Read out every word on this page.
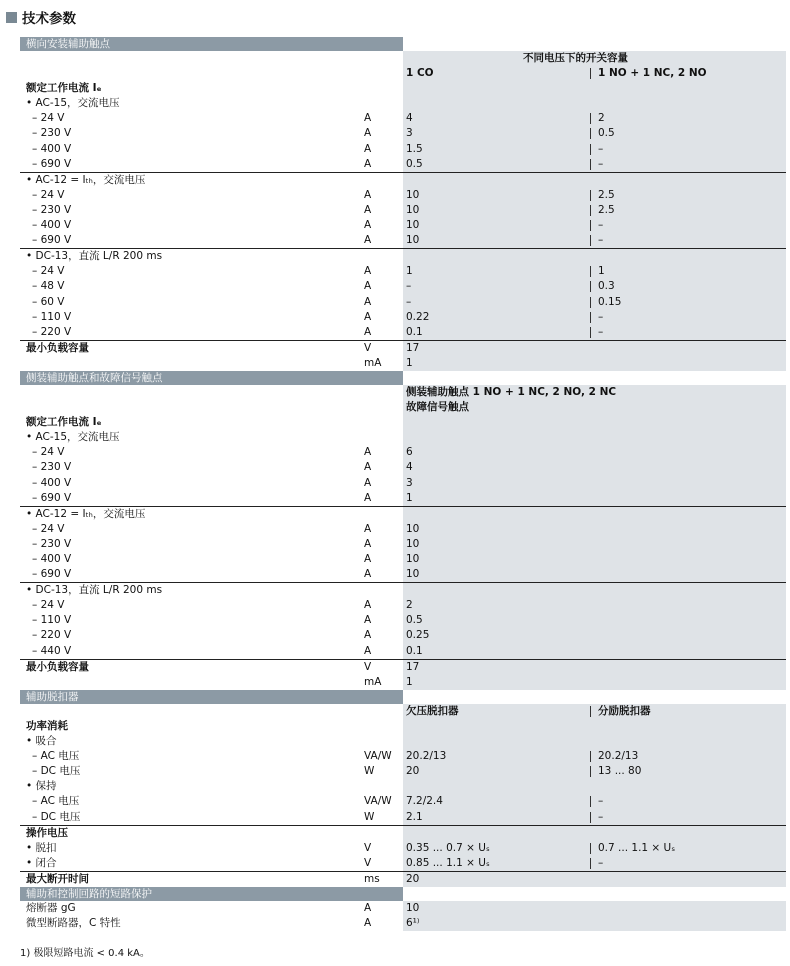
技术参数
横向安装辅助触点
不同电压下的开关容量
1 CO	1 NO + 1 NC, 2 NO
额定工作电流 Iₑ
• AC-15，交流电压
– 24 V	A	4	2
– 230 V	A	3	0.5
– 400 V	A	1.5	–
– 690 V	A	0.5	–
• AC-12 = Iₜₕ，交流电压
– 24 V	A	10	2.5
– 230 V	A	10	2.5
– 400 V	A	10	–
– 690 V	A	10	–
• DC-13，直流 L/R 200 ms
– 24 V	A	1	1
– 48 V	A	–	0.3
– 60 V	A	–	0.15
– 110 V	A	0.22	–
– 220 V	A	0.1	–
最小负载容量	V	17
mA 1
侧装辅助触点和故障信号触点
侧装辅助触点 1 NO + 1 NC, 2 NO, 2 NC
故障信号触点
额定工作电流 Iₑ
• AC-15，交流电压
– 24 V	A	6
– 230 V	A	4
– 400 V	A	3
– 690 V	A	1
• AC-12 = Iₜₕ，交流电压
– 24 V	A	10
– 230 V	A	10
– 400 V	A	10
– 690 V	A	10
• DC-13，直流 L/R 200 ms
– 24 V	A	2
– 110 V	A	0.5
– 220 V	A	0.25
– 440 V	A	0.1
最小负载容量	V	17
mA 1
辅助脱扣器
欠压脱扣器	分励脱扣器
功率消耗
• 吸合
– AC 电压	VA/W 20.2/13	20.2/13
– DC 电压	W	20	13 ... 80
• 保持
– AC 电压	VA/W 7.2/2.4	–
– DC 电压	W	2.1	–
操作电压
• 脱扣	V	0.35 ... 0.7 × Uₛ	0.7 ... 1.1 × Uₛ
• 闭合	V	0.85 ... 1.1 × Uₛ	–
最大断开时间	ms	20
辅助和控制回路的短路保护
熔断器 gG	A	10
微型断路器，C 特性	A	6¹⁾
1) 极限短路电流 < 0.4 kA。
